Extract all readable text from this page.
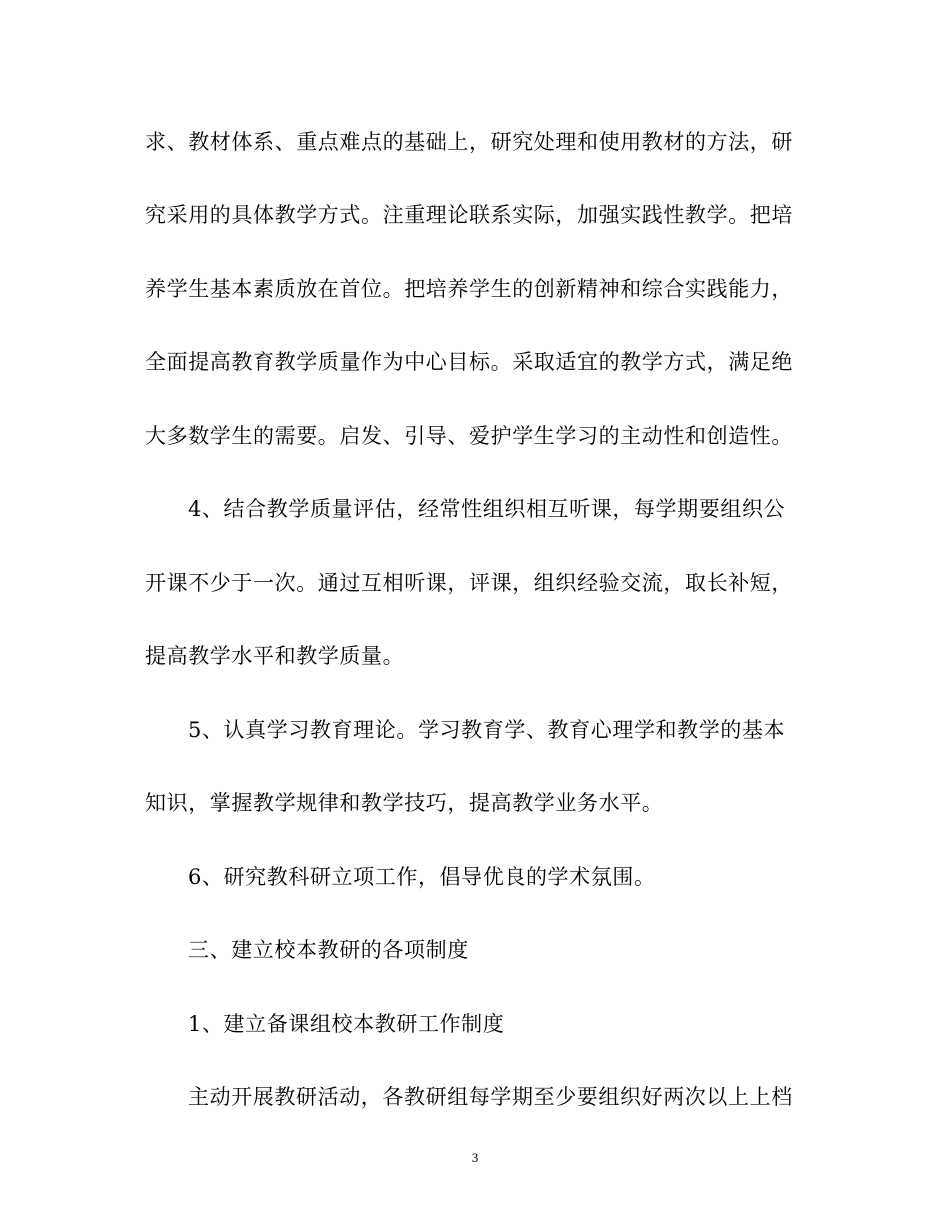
求、教材体系、重点难点的基础上，研究处理和使用教材的方法，研
究采用的具体教学方式。注重理论联系实际，加强实践性教学。把培
养学生基本素质放在首位。把培养学生的创新精神和综合实践能力，
全面提高教育教学质量作为中心目标。采取适宜的教学方式，满足绝
大多数学生的需要。启发、引导、爱护学生学习的主动性和创造性。
4、结合教学质量评估，经常性组织相互听课，每学期要组织公
开课不少于一次。通过互相听课，评课，组织经验交流，取长补短，
提高教学水平和教学质量。
5、认真学习教育理论。学习教育学、教育心理学和教学的基本
知识，掌握教学规律和教学技巧，提高教学业务水平。
6、研究教科研立项工作，倡导优良的学术氛围。
三、建立校本教研的各项制度
1、建立备课组校本教研工作制度
主动开展教研活动，各教研组每学期至少要组织好两次以上上档
3
